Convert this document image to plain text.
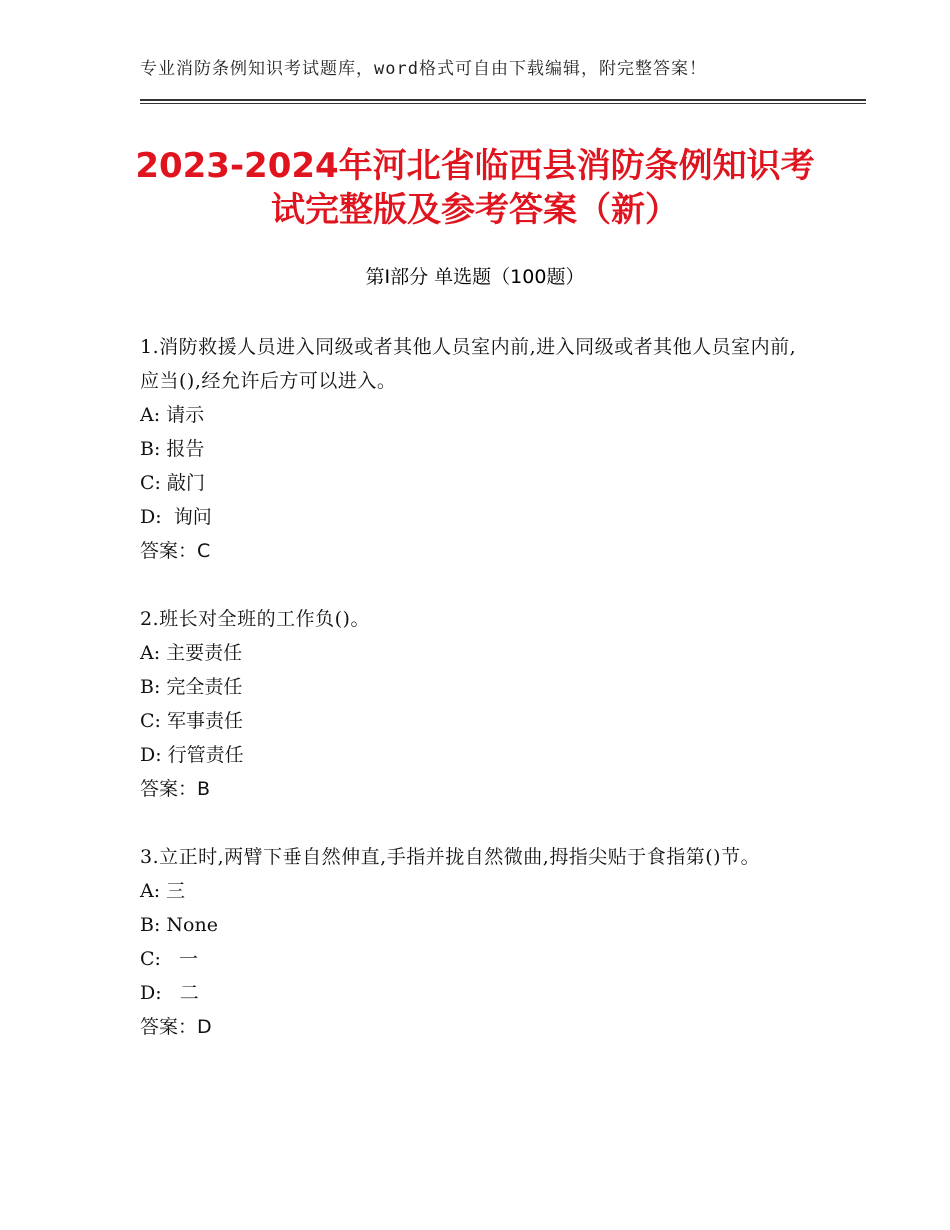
专业消防条例知识考试题库，word格式可自由下载编辑，附完整答案！
2023-2024年河北省临西县消防条例知识考
试完整版及参考答案（新）
第Ⅰ部分 单选题（100题）
1.消防救援人员进入同级或者其他人员室内前,进入同级或者其他人员室内前,应当(),经允许后方可以进入。
A: 请示
B: 报告
C: 敲门
D:  询问
答案：C
2.班长对全班的工作负()。
A: 主要责任
B: 完全责任
C: 军事责任
D: 行管责任
答案：B
3.立正时,两臂下垂自然伸直,手指并拢自然微曲,拇指尖贴于食指第()节。
A: 三
B: None
C:   一
D:   二
答案：D
